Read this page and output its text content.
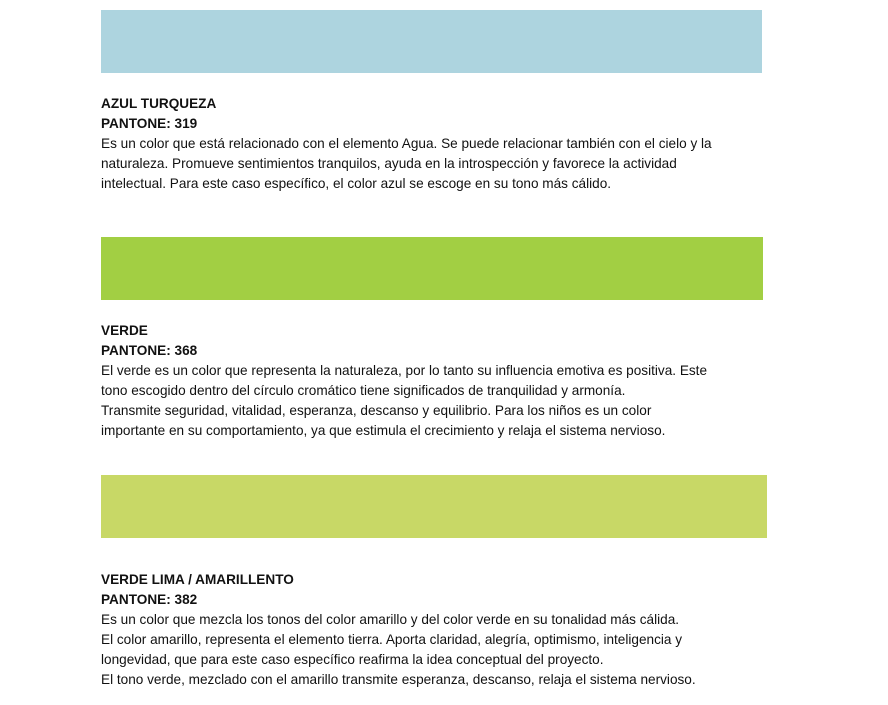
AZUL TURQUEZA
PANTONE: 319
Es un color que está relacionado con el elemento Agua. Se puede relacionar también con el cielo y la
naturaleza. Promueve sentimientos tranquilos, ayuda en la introspección y favorece la actividad
intelectual. Para este caso específico, el color azul se escoge en su tono más cálido.
VERDE
PANTONE: 368
El verde es un color que representa la naturaleza, por lo tanto su influencia emotiva es positiva. Este
tono escogido dentro del círculo cromático tiene significados de tranquilidad y armonía.
Transmite seguridad, vitalidad, esperanza, descanso y equilibrio. Para los niños es un color
importante en su comportamiento, ya que estimula el crecimiento y relaja el sistema nervioso.
VERDE LIMA / AMARILLENTO
PANTONE: 382
Es un color que mezcla los tonos del color amarillo y del color verde en su tonalidad más cálida.
El color amarillo, representa el elemento tierra. Aporta claridad, alegría, optimismo, inteligencia y
longevidad, que para este caso específico reafirma la idea conceptual del proyecto.
El tono verde, mezclado con el amarillo transmite esperanza, descanso, relaja el sistema nervioso.
